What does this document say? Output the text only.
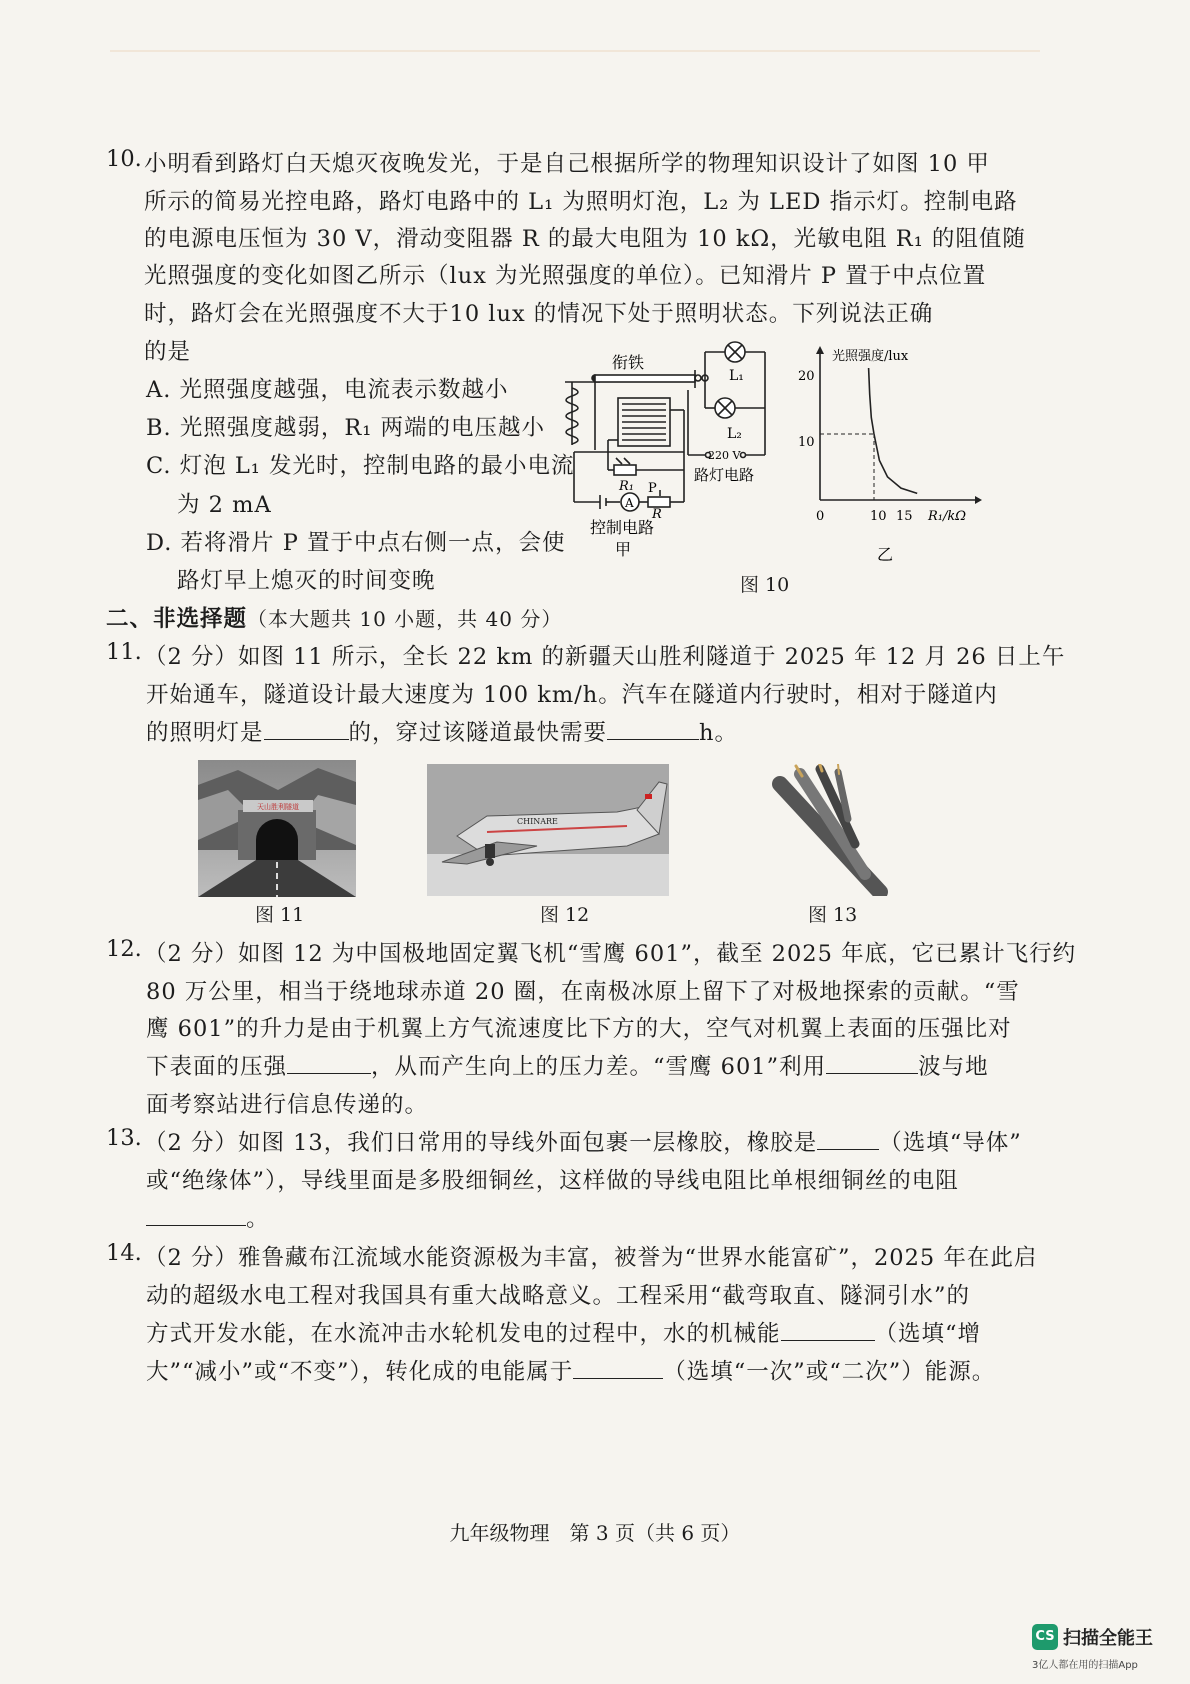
10. 小明看到路灯白天熄灭夜晚发光，于是自己根据所学的物理知识设计了如图 10 甲
所示的简易光控电路，路灯电路中的 L₁ 为照明灯泡，L₂ 为 LED 指示灯。控制电路
的电源电压恒为 30 V，滑动变阻器 R 的最大电阻为 10 kΩ，光敏电阻 R₁ 的阻值随
光照强度的变化如图乙所示（lux 为光照强度的单位）。已知滑片 P 置于中点位置
时，路灯会在光照强度不大于10 lux 的情况下处于照明状态。下列说法正确
的是
A. 光照强度越强，电流表示数越小
B. 光照强度越弱，R₁ 两端的电压越小
C. 灯泡 L₁ 发光时，控制电路的最小电流
为 2 mA
D. 若将滑片 P 置于中点右侧一点，会使
路灯早上熄灭的时间变晚
衔铁
L₁
L₂
220 V
路灯电路
R₁
A
P
R
控制电路
甲
光照强度/lux
20
10
0	10 15 R₁/kΩ
乙
图 10
二、非选择题（本大题共 10 小题，共 40 分）
11. （2 分）如图 11 所示，全长 22 km 的新疆天山胜利隧道于 2025 年 12 月 26 日上午
开始通车，隧道设计最大速度为 100 km/h。汽车在隧道内行驶时，相对于隧道内
的照明灯是	的，穿过该隧道最快需要	h。
天山胜利隧道
图 11
CHINARE
图 12	图 13
12. （2 分）如图 12 为中国极地固定翼飞机“雪鹰 601”，截至 2025 年底，它已累计飞行约
80 万公里，相当于绕地球赤道 20 圈，在南极冰原上留下了对极地探索的贡献。“雪
鹰 601”的升力是由于机翼上方气流速度比下方的大，空气对机翼上表面的压强比对
下表面的压强	，从而产生向上的压力差。“雪鹰 601”利用	波与地
面考察站进行信息传递的。
13. （2 分）如图 13，我们日常用的导线外面包裹一层橡胶，橡胶是	（选填“导体”
或“绝缘体”），导线里面是多股细铜丝，这样做的导线电阻比单根细铜丝的电阻
。
14. （2 分）雅鲁藏布江流域水能资源极为丰富，被誉为“世界水能富矿”，2025 年在此启
动的超级水电工程对我国具有重大战略意义。工程采用“截弯取直、隧洞引水”的
方式开发水能，在水流冲击水轮机发电的过程中，水的机械能	（选填“增
大”“减小”或“不变”），转化成的电能属于	（选填“一次”或“二次”）能源。
九年级物理　第 3 页（共 6 页）
CS 扫描全能王
3亿人都在用的扫描App
